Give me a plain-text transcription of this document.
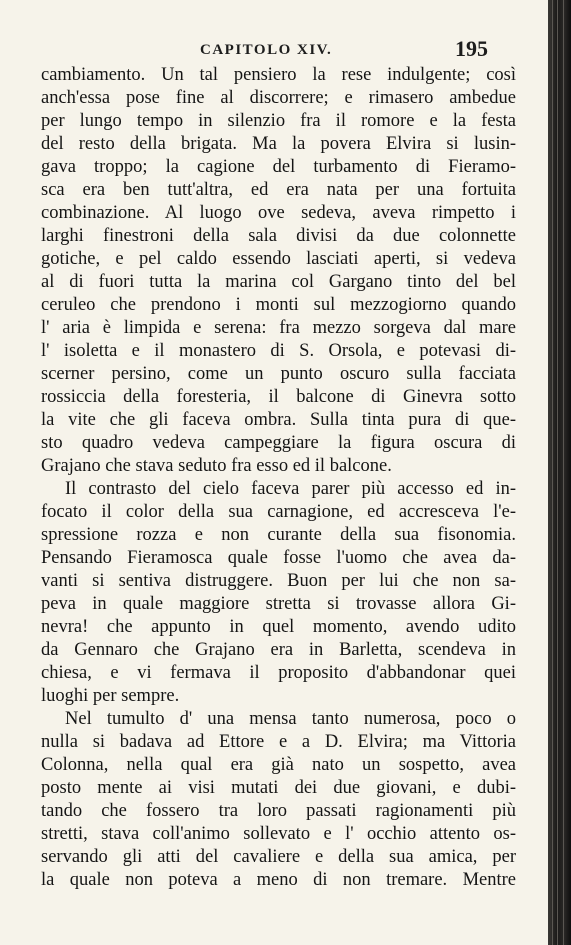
CAPITOLO XIV.	195
cambiamento. Un tal pensiero la rese indulgente; così
anch'essa pose fine al discorrere; e rimasero ambedue
per lungo tempo in silenzio fra il romore e la festa
del resto della brigata. Ma la povera Elvira si lusin-
gava troppo; la cagione del turbamento di Fieramo-
sca era ben tutt'altra, ed era nata per una fortuita
combinazione. Al luogo ove sedeva, aveva rimpetto i
larghi finestroni della sala divisi da due colonnette
gotiche, e pel caldo essendo lasciati aperti, si vedeva
al di fuori tutta la marina col Gargano tinto del bel
ceruleo che prendono i monti sul mezzogiorno quando
l' aria è limpida e serena: fra mezzo sorgeva dal mare
l' isoletta e il monastero di S. Orsola, e potevasi di-
scerner persino, come un punto oscuro sulla facciata
rossiccia della foresteria, il balcone di Ginevra sotto
la vite che gli faceva ombra. Sulla tinta pura di que-
sto quadro vedeva campeggiare la figura oscura di
Grajano che stava seduto fra esso ed il balcone.
Il contrasto del cielo faceva parer più accesso ed in-
focato il color della sua carnagione, ed accresceva l'e-
spressione rozza e non curante della sua fisonomia.
Pensando Fieramosca quale fosse l'uomo che avea da-
vanti si sentiva distruggere. Buon per lui che non sa-
peva in quale maggiore stretta si trovasse allora Gi-
nevra! che appunto in quel momento, avendo udito
da Gennaro che Grajano era in Barletta, scendeva in
chiesa, e vi fermava il proposito d'abbandonar quei
luoghi per sempre.
Nel tumulto d' una mensa tanto numerosa, poco o
nulla si badava ad Ettore e a D. Elvira; ma Vittoria
Colonna, nella qual era già nato un sospetto, avea
posto mente ai visi mutati dei due giovani, e dubi-
tando che fossero tra loro passati ragionamenti più
stretti, stava coll'animo sollevato e l' occhio attento os-
servando gli atti del cavaliere e della sua amica, per
la quale non poteva a meno di non tremare. Mentre
